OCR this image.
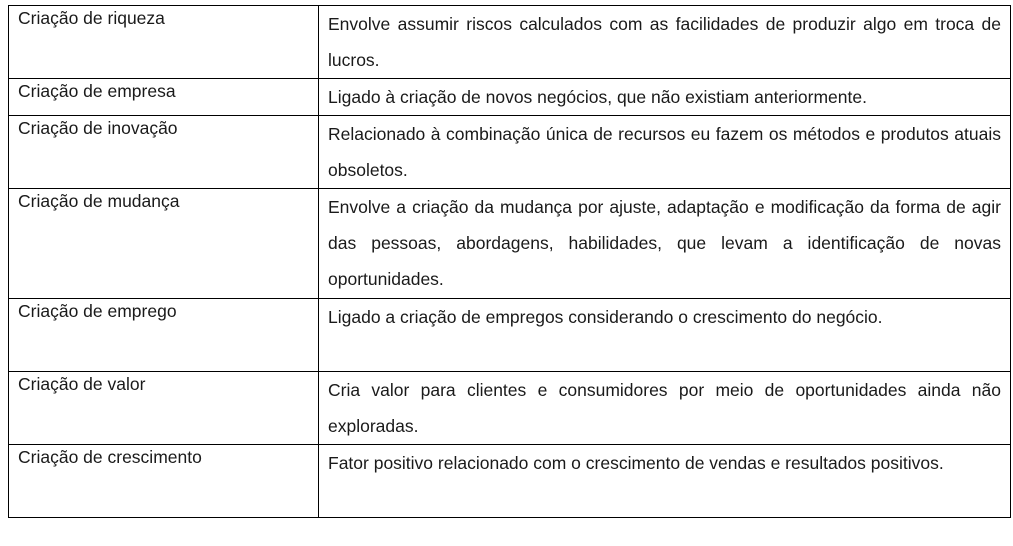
Criação de riqueza	Envolve assumir riscos calculados com as facilidades de produzir algo em troca de lucros.
Criação de empresa	Ligado à criação de novos negócios, que não existiam anteriormente.
Criação de inovação	Relacionado à combinação única de recursos eu fazem os métodos e produtos atuais obsoletos.
Criação de mudança	Envolve a criação da mudança por ajuste, adaptação e modificação da forma de agir das pessoas, abordagens, habilidades, que levam a identificação de novas oportunidades.
Criação de emprego	Ligado a criação de empregos considerando o crescimento do negócio.
Criação de valor	Cria valor para clientes e consumidores por meio de oportunidades ainda não exploradas.
Criação de crescimento	Fator positivo relacionado com o crescimento de vendas e resultados positivos.
